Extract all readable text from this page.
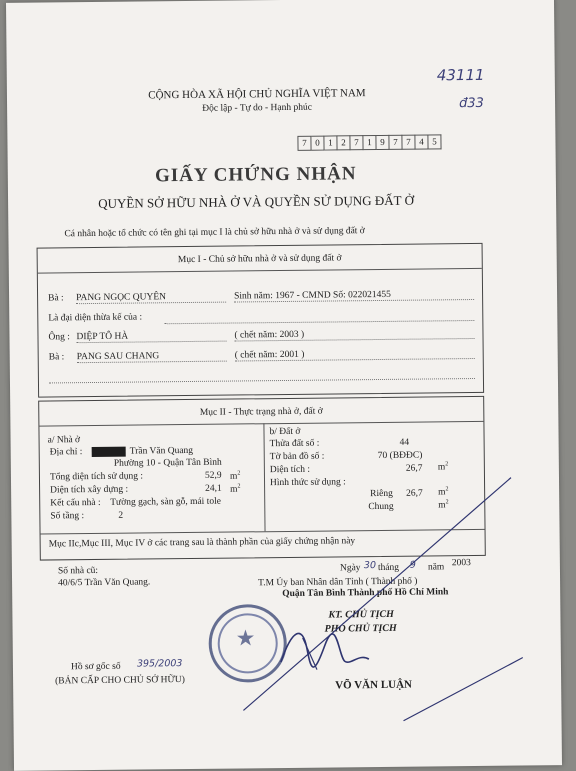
43111
đ33
CỘNG HÒA XÃ HỘI CHỦ NGHĨA VIỆT NAM
Độc lập - Tự do - Hạnh phúc
7 0 1 2 7 1 9 7 7 4 5
GIẤY CHỨNG NHẬN
QUYỀN SỞ HỮU NHÀ Ở VÀ QUYỀN SỬ DỤNG ĐẤT Ở
Cá nhân hoặc tổ chức có tên ghi tại mục I là chủ sở hữu nhà ở và sử dụng đất ở
Mục I - Chủ sở hữu nhà ở và sử dụng đất ở
Bà : PANG NGỌC QUYÊN	Sinh năm: 1967 - CMND Số: 022021455
Là đại diện thừa kế của :
Ông : DIỆP TÔ HÀ	( chết năm: 2003 )
Bà : PANG SAU CHANG	( chết năm: 2001 )
Mục II - Thực trạng nhà ở, đất ở
a/ Nhà ở
Địa chỉ :	Trần Văn Quang
Phường 10 - Quận Tân Bình
Tổng diện tích sử dụng :	52,9 $m^2$
Diện tích xây dựng :	24,1 $m^2$
Kết cấu nhà : Tường gạch, sàn gỗ, mái tole
Số tầng :	2
b/ Đất ở
Thửa đất số :	44
Tờ bản đồ số :	70 (BĐĐC)
Diện tích :	26,7 $m^2$
Hình thức sử dụng :
Riêng 26,7 $m^2$
Chung	$m^2$
Mục IIc,Mục III, Mục IV ở các trang sau là thành phần của giấy chứng nhận này
Số nhà cũ:
40/6/5 Trần Văn Quang.
Ngày 30 tháng 9 năm 2003
T.M Ủy ban Nhân dân Tỉnh ( Thành phố )
Quận Tân Bình Thành phố Hồ Chí Minh
KT. CHỦ TỊCH
PHÓ CHỦ TỊCH
★
VÕ VĂN LUẬN
Hồ sơ gốc số 395/2003
(BẢN CẤP CHO CHỦ SỞ HỮU)
